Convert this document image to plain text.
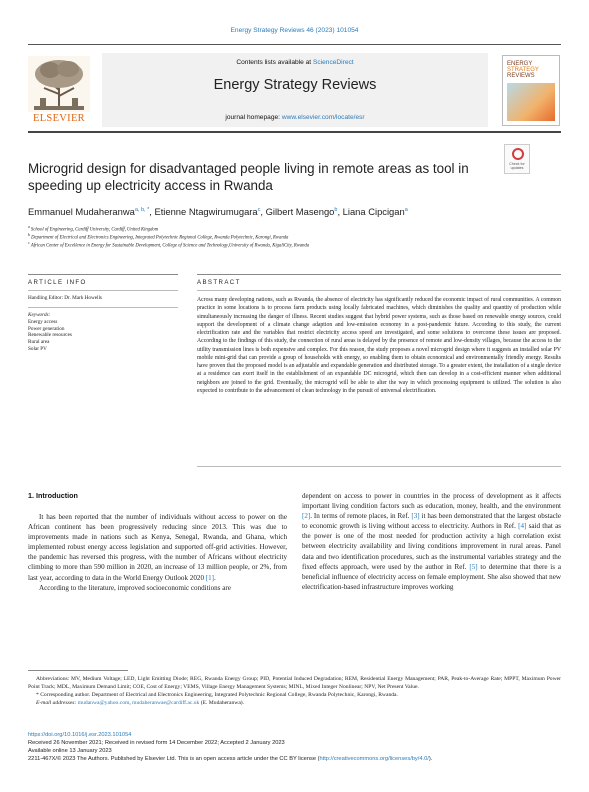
Energy Strategy Reviews 46 (2023) 101054
ELSEVIER
Contents lists available at ScienceDirect
Energy Strategy Reviews
journal homepage: www.elsevier.com/locate/esr
ENERGY
STRATEGY
REVIEWS
Microgrid design for disadvantaged people living in remote areas as tool in speeding up electricity access in Rwanda
Check for
updates
Emmanuel Mudaheranwa$^{a, b, *}$, Etienne Ntagwirumugara$^c$, Gilbert Masengo$^b$, Liana Cipcigan$^a$
$^a$ School of Engineering, Cardiff University, Cardiff, United Kingdom
$^b$ Department of Electrical and Electronics Engineering, Integrated Polytechnic Regional College, Rwanda Polytechnic, Karongi, Rwanda
$^c$ African Center of Excellence in Energy for Sustainable Development, College of Science and Technology,University of Rwanda, KigaliCity, Rwanda
ARTICLE INFO	ABSTRACT
Handling Editor: Dr. Mark Howells
Keywords:
Energy access
Power generation
Renewable resources
Rural area
Solar PV
Across many developing nations, such as Rwanda, the absence of electricity has significantly reduced the economic impact of rural communities. A common practice in some locations is to process farm products using locally fabricated machines, which diminishes the quality and quantity of production while simultaneously increasing the danger of illness. Recent studies suggest that hybrid power systems, such as those based on renewable energy sources, could support the development of a climate change adaption and low-emission economy in a post-pandemic future. According to this study, the current electrification rate and the variables that restrict electricity access speed are investigated, and some solutions to overcome these issues are proposed. According to the findings of this study, the connection of rural areas is delayed by the presence of remote and low-density villages, because the access to the utility transmission lines is both expensive and complex. For this reason, the study proposes a novel microgrid design where it suggests an installed solar PV mobile mini-grid that can provide a group of households with energy, so enabling them to obtain economical and environmentally friendly energy. Results have proven that the proposed model is an adjustable and expandable generation and distributed storage. To a greater extent, the installation of a single device at a residence can exert itself in the establishment of an expandable DC microgrid, which then can develop in a cost-efficient manner when additional neighbors are joined to the grid. Eventually, the microgrid will be able to alter the way in which processing equipment is utilized. The solution is also expected to contribute to the advancement of clean technology in the pursuit of universal electrification.
1. Introduction

It has been reported that the number of individuals without access to power on the African continent has been progressively reducing since 2013. This was due to improvements made in nations such as Kenya, Senegal, Rwanda, and Ghana, which implemented robust energy access legislation and supported off-grid activities. However, the pandemic has reversed this progress, with the number of Africans without electricity climbing to more than 590 million in 2020, an increase of 13 million people, or 2%, from last year, according to data in the World Energy Outlook 2020 [1].

According to the literature, improved socioeconomic conditions are

dependent on access to power in countries in the process of development as it affects important living condition factors such as education, money, health, and the environment [2]. In terms of remote places, in Ref. [3] it has been demonstrated that the largest obstacle to economic growth is living without access to electricity. Authors in Ref. [4] said that as the power is one of the most needed for production activity a high correlation exist between electricity availability and living conditions improvement in rural areas. Panel data and two identification procedures, such as the instrumental variables strategy and the fixed effects approach, were used by the author in Ref. [5] to determine that there is a beneficial influence of electricity access on female employment. She also showed that new electrification-based infrastructure improves working

Abbreviations: MV, Medium Voltage; LED, Light Emitting Diode; REG, Rwanda Energy Group; PID, Potential Induced Degradation; REM, Residential Energy Management; PAR, Peak-to-Average Rate; MPPT, Maximum Power Point Track; MDL, Maximum Demand Limit; COE, Cost of Energy; VEMS, Village Energy Management Systems; MINL, Mixed Integer Nonlinear; NPV, Net Present Value.

* Corresponding author. Department of Electrical and Electronics Engineering, Integrated Polytechnic Regional College, Rwanda Polytechnic, Karongi, Rwanda.

E-mail addresses: mudanwa@yahoo.com, mudaheranwae@cardiff.ac.uk (E. Mudaheranwa).

https://doi.org/10.1016/j.esr.2023.101054
Received 26 November 2021; Received in revised form 14 December 2022; Accepted 2 January 2023
Available online 13 January 2023
2211-467X/© 2023 The Authors. Published by Elsevier Ltd. This is an open access article under the CC BY license (http://creativecommons.org/licenses/by/4.0/).
